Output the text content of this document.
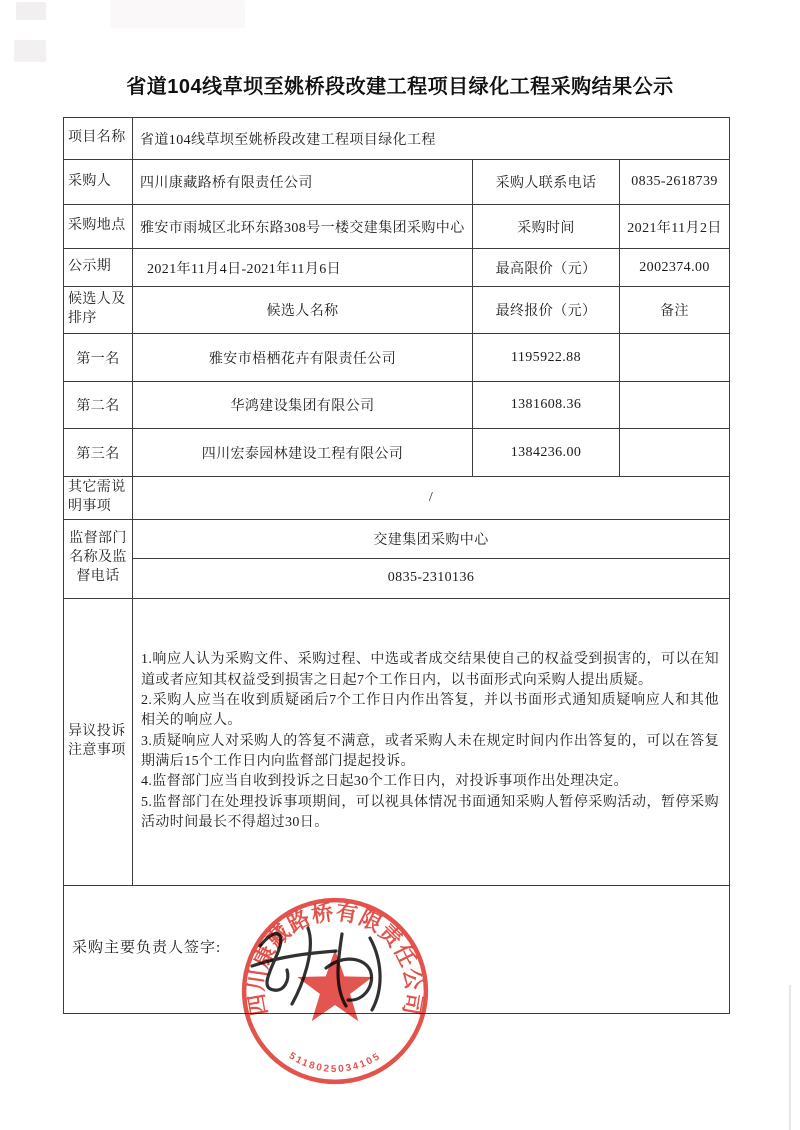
省道104线草坝至姚桥段改建工程项目绿化工程采购结果公示
项目名称	省道104线草坝至姚桥段改建工程项目绿化工程		
采购人	四川康藏路桥有限责任公司	采购人联系电话	0835-2618739
采购地点	雅安市雨城区北环东路308号一楼交建集团采购中心	采购时间	2021年11月2日
公示期	2021年11月4日-2021年11月6日	最高限价（元）	2002374.00
候选人及排序	候选人名称	最终报价（元）	备注
第一名	雅安市梧栖花卉有限责任公司	1195922.88	
第二名	华鸿建设集团有限公司	1381608.36	
第三名	四川宏泰园林建设工程有限公司	1384236.00	
其它需说明事项	/		
监督部门名称及监督电话	交建集团采购中心		
	0835-2310136		
异议投诉注意事项	1.响应人认为采购文件、采购过程、中选或者成交结果使自己的权益受到损害的，可以在知道或者应知其权益受到损害之日起7个工作日内，以书面形式向采购人提出质疑。
2.采购人应当在收到质疑函后7个工作日内作出答复，并以书面形式通知质疑响应人和其他相关的响应人。
3.质疑响应人对采购人的答复不满意，或者采购人未在规定时间内作出答复的，可以在答复期满后15个工作日内向监督部门提起投诉。
4.监督部门应当自收到投诉之日起30个工作日内，对投诉事项作出处理决定。
5.监督部门在处理投诉事项期间，可以视具体情况书面通知采购人暂停采购活动，暂停采购活动时间最长不得超过30日。		

采购主要负责人签字:			
四川康藏路桥有限责任公司
5118025034105
